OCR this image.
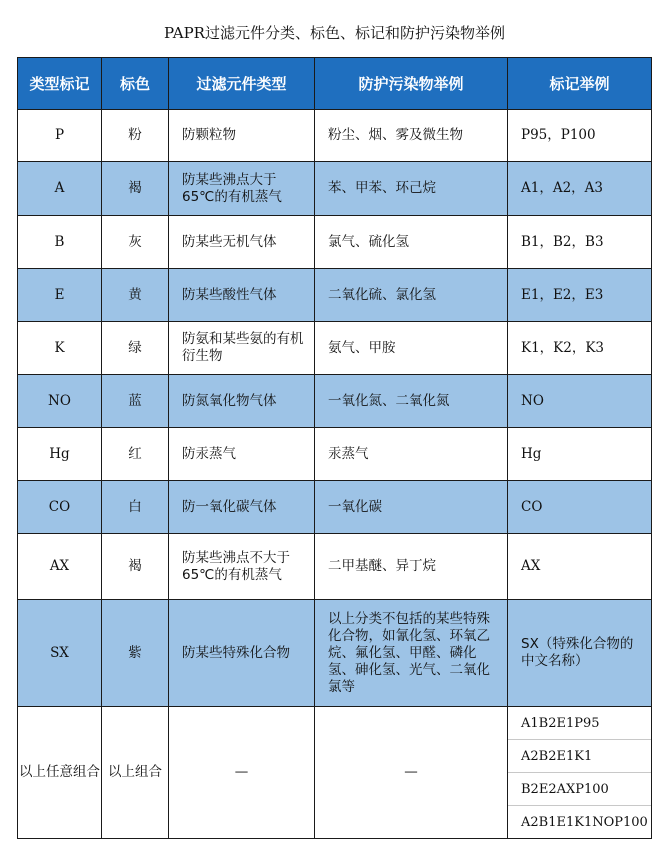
PAPR过滤元件分类、标色、标记和防护污染物举例
类型标记	标色	过滤元件类型	防护污染物举例	标记举例
P	粉	防颗粒物	粉尘、烟、雾及微生物	P95，P100
A	褐	防某些沸点大于65℃的有机蒸气	苯、甲苯、环己烷	A1，A2，A3
B	灰	防某些无机气体	氯气、硫化氢	B1，B2，B3
E	黄	防某些酸性气体	二氧化硫、氯化氢	E1，E2，E3
K	绿	防氨和某些氨的有机衍生物	氨气、甲胺	K1，K2，K3
NO	蓝	防氮氧化物气体	一氧化氮、二氧化氮	NO
Hg	红	防汞蒸气	汞蒸气	Hg
CO	白	防一氧化碳气体	一氧化碳	CO
AX	褐	防某些沸点不大于65℃的有机蒸气	二甲基醚、异丁烷	AX
SX	紫	防某些特殊化合物	以上分类不包括的某些特殊化合物，如氰化氢、环氧乙烷、氟化氢、甲醛、磷化氢、砷化氢、光气、二氧化氯等	SX（特殊化合物的中文名称）
以上任意组合	以上组合	—	—	A1B2E1P95
A2B2E1K1
B2E2AXP100
A2B1E1K1NOP100
